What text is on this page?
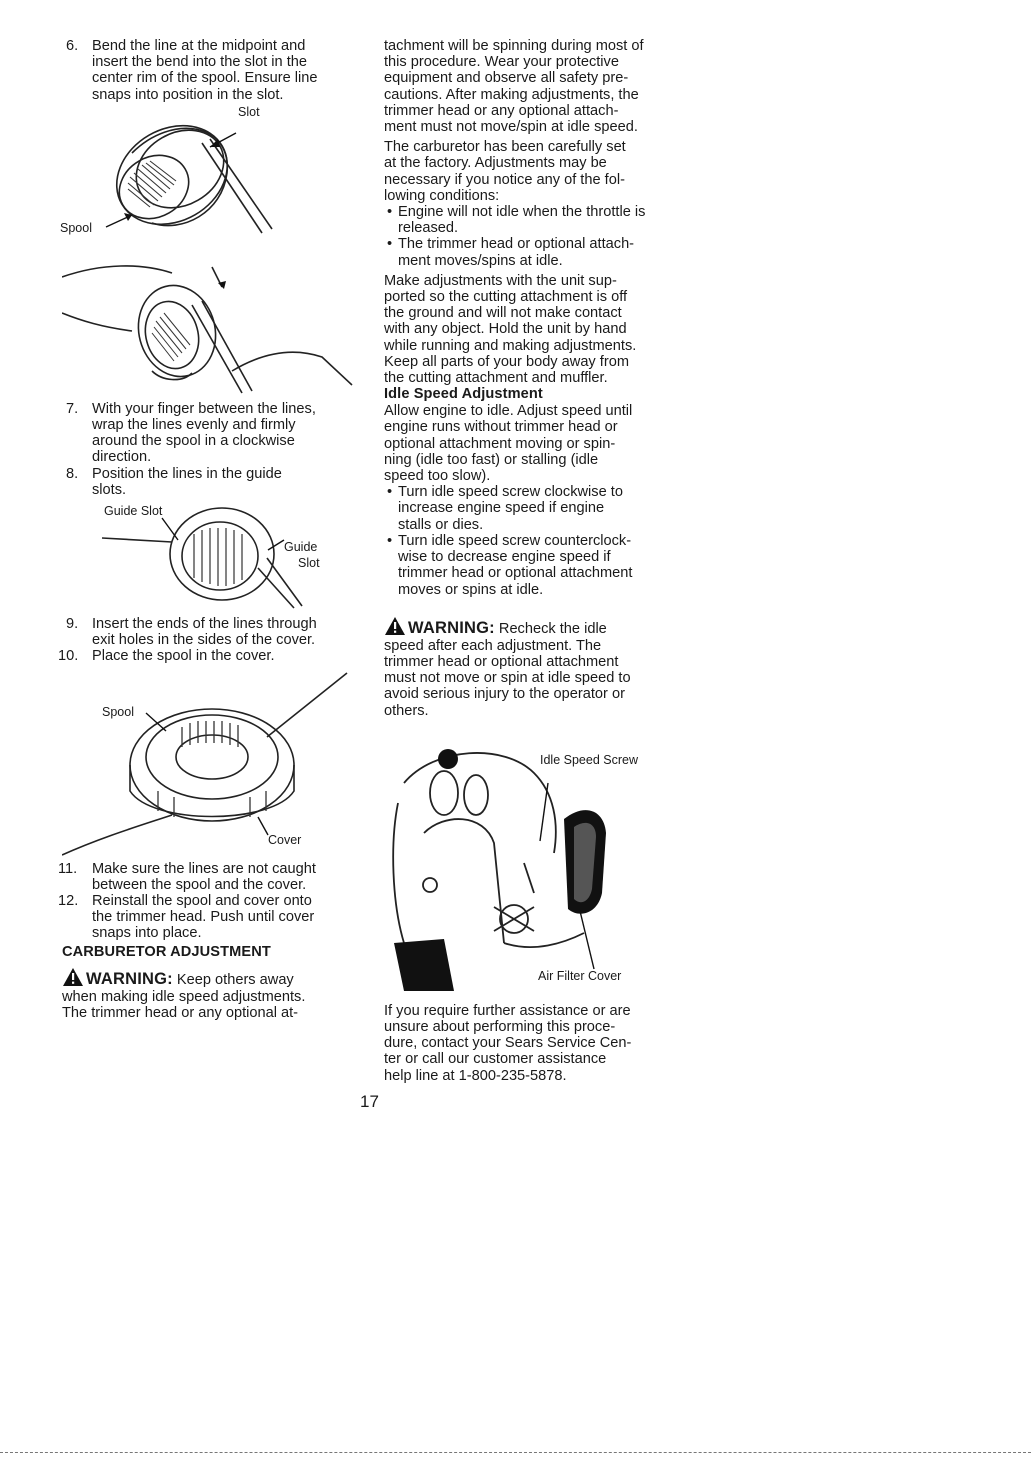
6. Bend the line at the midpoint and

insert the bend into the slot in the

center rim of the spool. Ensure line

snaps into position in the slot.

Slot
Spool
7. With your finger between the lines,

wrap the lines evenly and firmly

around the spool in a clockwise

direction.

8. Position the lines in the guide

slots.

Guide Slot
Guide
Slot
9. Insert the ends of the lines through

exit holes in the sides of the cover.

10. Place the spool in the cover.

Spool
Cover
11.	Make sure the lines are not caught

between the spool and the cover.

12. Reinstall the spool and cover onto

the trimmer head. Push until cover

snaps into place.

CARBURETOR ADJUSTMENT
WARNING: Keep others away

when making idle speed adjustments.

The trimmer head or any optional at-

tachment will be spinning during most of

this procedure. Wear your protective

equipment and observe all safety pre-

cautions. After making adjustments, the

trimmer head or any optional attach-

ment must not move/spin at idle speed.

The carburetor has been carefully set

at the factory. Adjustments may be

necessary if you notice any of the fol-

lowing conditions:

• Engine will not idle when the throttle is

released.

• The trimmer head or optional attach-

ment moves/spins at idle.

Make adjustments with the unit sup-

ported so the cutting attachment is off

the ground and will not make contact

with any object. Hold the unit by hand

while running and making adjustments.

Keep all parts of your body away from

the cutting attachment and muffler.

Idle Speed Adjustment

Allow engine to idle. Adjust speed until

engine runs without trimmer head or

optional attachment moving or spin-

ning (idle too fast) or stalling (idle

speed too slow).

• Turn idle speed screw clockwise to

increase engine speed if engine

stalls or dies.

• Turn idle speed screw counterclock-

wise to decrease engine speed if

trimmer head or optional attachment

moves or spins at idle.

WARNING: Recheck the idle

speed after each adjustment. The

trimmer head or optional attachment

must not move or spin at idle speed to

avoid serious injury to the operator or

others.

Idle Speed Screw
Air Filter Cover

If you require further assistance or are

unsure about performing this proce-

dure, contact your Sears Service Cen-

ter or call our customer assistance

help line at 1-800-235-5878.

17
